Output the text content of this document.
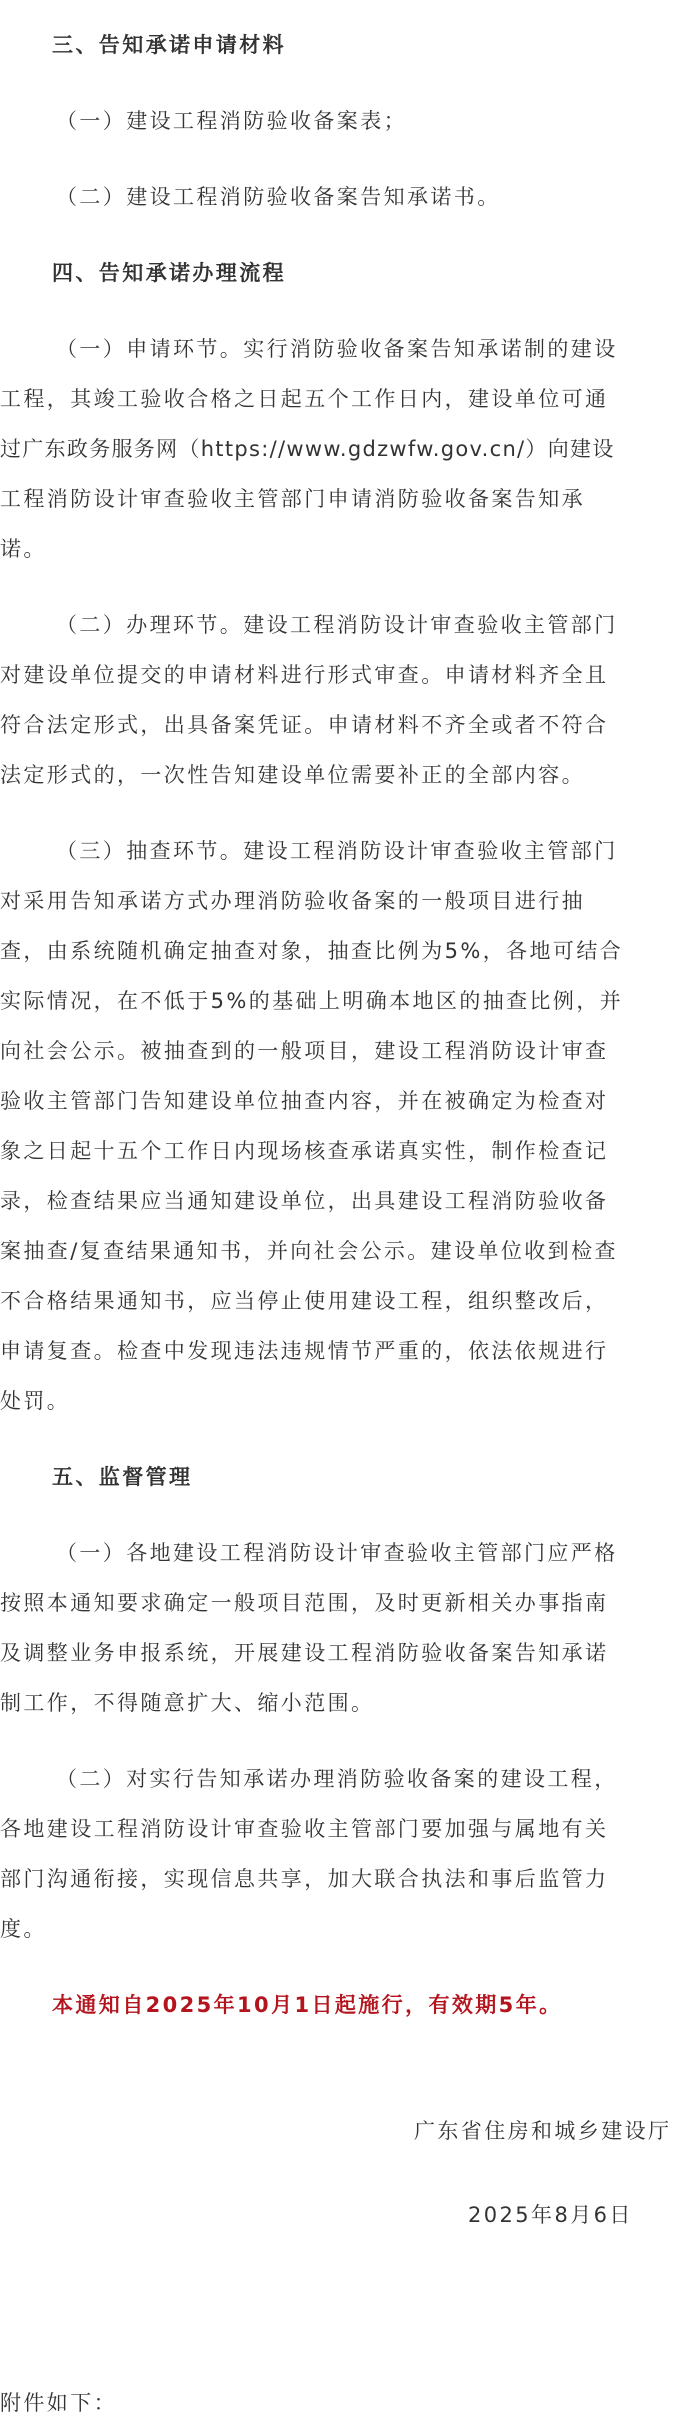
三、告知承诺申请材料
（一）建设工程消防验收备案表；
（二）建设工程消防验收备案告知承诺书。
四、告知承诺办理流程
（一）申请环节。实行消防验收备案告知承诺制的建设
工程，其竣工验收合格之日起五个工作日内，建设单位可通
过广东政务服务网（https://www.gdzwfw.gov.cn/）向建设
工程消防设计审查验收主管部门申请消防验收备案告知承
诺。
（二）办理环节。建设工程消防设计审查验收主管部门
对建设单位提交的申请材料进行形式审查。申请材料齐全且
符合法定形式，出具备案凭证。申请材料不齐全或者不符合
法定形式的，一次性告知建设单位需要补正的全部内容。
（三）抽查环节。建设工程消防设计审查验收主管部门
对采用告知承诺方式办理消防验收备案的一般项目进行抽
查，由系统随机确定抽查对象，抽查比例为5%，各地可结合
实际情况，在不低于5%的基础上明确本地区的抽查比例，并
向社会公示。被抽查到的一般项目，建设工程消防设计审查
验收主管部门告知建设单位抽查内容，并在被确定为检查对
象之日起十五个工作日内现场核查承诺真实性，制作检查记
录，检查结果应当通知建设单位，出具建设工程消防验收备
案抽查/复查结果通知书，并向社会公示。建设单位收到检查
不合格结果通知书，应当停止使用建设工程，组织整改后，
申请复查。检查中发现违法违规情节严重的，依法依规进行
处罚。
五、监督管理
（一）各地建设工程消防设计审查验收主管部门应严格
按照本通知要求确定一般项目范围，及时更新相关办事指南
及调整业务申报系统，开展建设工程消防验收备案告知承诺
制工作，不得随意扩大、缩小范围。
（二）对实行告知承诺办理消防验收备案的建设工程，
各地建设工程消防设计审查验收主管部门要加强与属地有关
部门沟通衔接，实现信息共享，加大联合执法和事后监管力
度。
本通知自2025年10月1日起施行，有效期5年。
广东省住房和城乡建设厅
2025年8月6日
附件如下：
